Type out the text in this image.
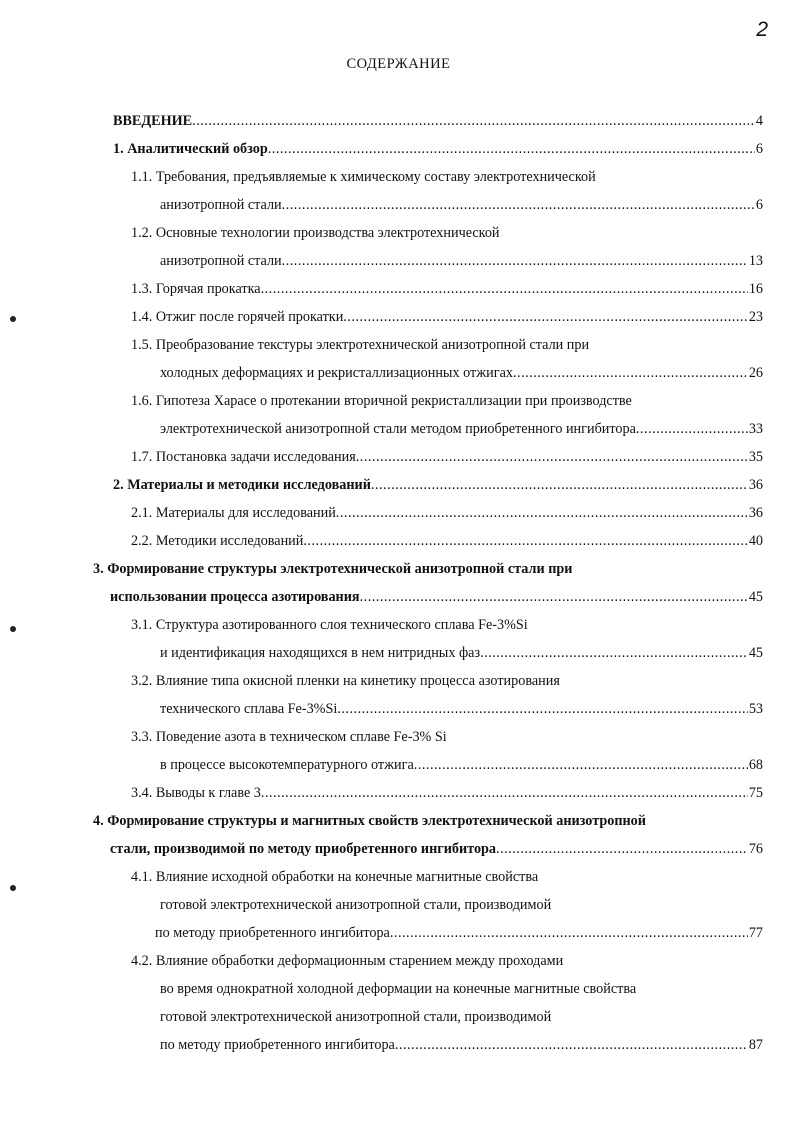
2
СОДЕРЖАНИЕ
ВВЕДЕНИЕ .....	4
1. Аналитический обзор .....	6
1.1. Требования, предъявляемые к химическому составу электротехнической
анизотропной стали .....	6
1.2. Основные технологии производства электротехнической
анизотропной стали .....	13
1.3. Горячая прокатка .....	16
1.4. Отжиг после горячей прокатки .....	23
1.5. Преобразование текстуры электротехнической анизотропной стали при
холодных деформациях и рекристаллизационных отжигах .....	26
1.6. Гипотеза Харасе о протекании вторичной рекристаллизации при производстве
электротехнической анизотропной стали методом приобретенного ингибитора .....	33
1.7. Постановка задачи исследования .....	35
2. Материалы и методики исследований .....	36
2.1. Материалы для исследований .....	36
2.2. Методики исследований .....	40
3. Формирование структуры электротехнической анизотропной стали при
использовании процесса азотирования .....	45
3.1. Структура азотированного слоя технического сплава Fe-3%Si
и идентификация находящихся в нем нитридных фаз .....	45
3.2. Влияние типа окисной пленки на кинетику процесса азотирования
технического сплава Fe-3%Si .....	53
3.3. Поведение азота в техническом сплаве Fe-3% Si
в процессе высокотемпературного отжига .....	68
3.4. Выводы к главе 3 .....	75
4. Формирование структуры и магнитных свойств электротехнической анизотропной
стали, производимой по методу приобретенного ингибитора .....	76
4.1. Влияние исходной обработки на конечные магнитные свойства
готовой электротехнической анизотропной стали, производимой
по методу приобретенного ингибитора .....	77
4.2. Влияние обработки деформационным старением между проходами
во время однократной холодной деформации на конечные магнитные свойства
готовой электротехнической анизотропной стали, производимой
по методу приобретенного ингибитора .....	87
